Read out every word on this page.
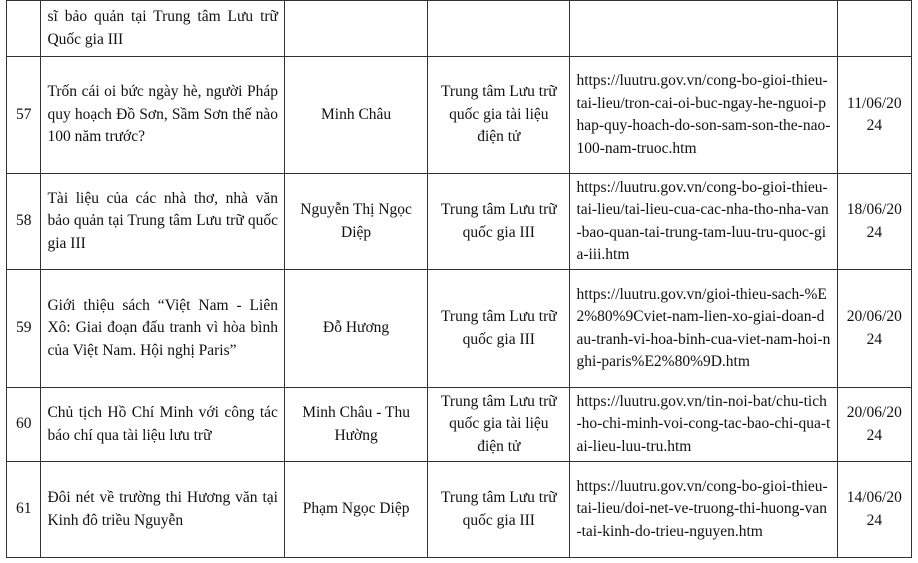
	sĩ bảo quản tại Trung tâm Lưu trữ Quốc gia III				
57	Trốn cái oi bức ngày hè, người Pháp quy hoạch Đồ Sơn, Sầm Sơn thế nào 100 năm trước?	Minh Châu	Trung tâm Lưu trữ quốc gia tài liệu điện tử	https://luutru.gov.vn/cong-bo-gioi-thieu-tai-lieu/tron-cai-oi-buc-ngay-he-nguoi-phap-quy-hoach-do-son-sam-son-the-nao-100-nam-truoc.htm	11/06/2024
58	Tài liệu của các nhà thơ, nhà văn bảo quản tại Trung tâm Lưu trữ quốc gia III	Nguyễn Thị Ngọc Diệp	Trung tâm Lưu trữ quốc gia III	https://luutru.gov.vn/cong-bo-gioi-thieu-tai-lieu/tai-lieu-cua-cac-nha-tho-nha-van-bao-quan-tai-trung-tam-luu-tru-quoc-gia-iii.htm	18/06/2024
59	Giới thiệu sách “Việt Nam - Liên Xô: Giai đoạn đấu tranh vì hòa bình của Việt Nam. Hội nghị Paris”	Đỗ Hương	Trung tâm Lưu trữ quốc gia III	https://luutru.gov.vn/gioi-thieu-sach-%E2%80%9Cviet-nam-lien-xo-giai-doan-dau-tranh-vi-hoa-binh-cua-viet-nam-hoi-nghi-paris%E2%80%9D.htm	20/06/2024
60	Chủ tịch Hồ Chí Minh với công tác báo chí qua tài liệu lưu trữ	Minh Châu - Thu Hường	Trung tâm Lưu trữ quốc gia tài liệu điện tử	https://luutru.gov.vn/tin-noi-bat/chu-tich-ho-chi-minh-voi-cong-tac-bao-chi-qua-tai-lieu-luu-tru.htm	20/06/2024
61	Đôi nét về trường thi Hương văn tại Kinh đô triều Nguyễn	Phạm Ngọc Diệp	Trung tâm Lưu trữ quốc gia III	https://luutru.gov.vn/cong-bo-gioi-thieu-tai-lieu/doi-net-ve-truong-thi-huong-van-tai-kinh-do-trieu-nguyen.htm	14/06/2024
